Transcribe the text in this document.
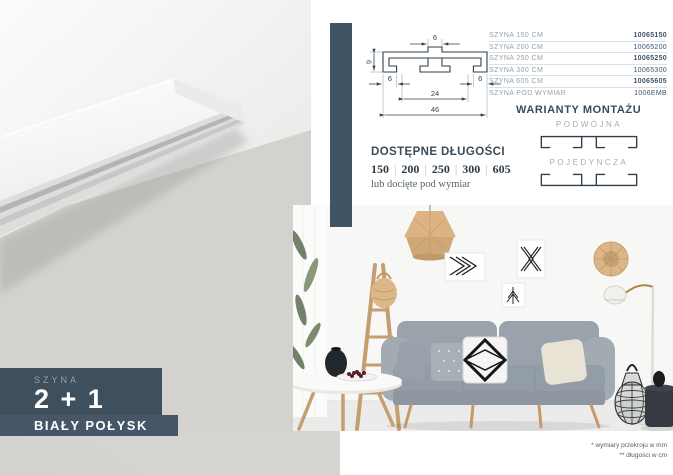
6
9
6	6
24
46
DOSTĘPNE DŁUGOŚCI
150 | 200 | 250 | 300 | 605
lub docięte pod wymiar
SZYNA 150 CM	10065150
SZYNA 200 CM	10065200
SZYNA 250 CM	10065250
SZYNA 300 CM	10065300
SZYNA 605 CM	10065605
SZYNA POD WYMIAR	1006EMB
WARIANTY MONTAŻU
PODWÓJNA
POJEDYNCZA
* wymiary przekroju w mm
** długości w cm
SZYNA
2 + 1
BIAŁY POŁYSK
